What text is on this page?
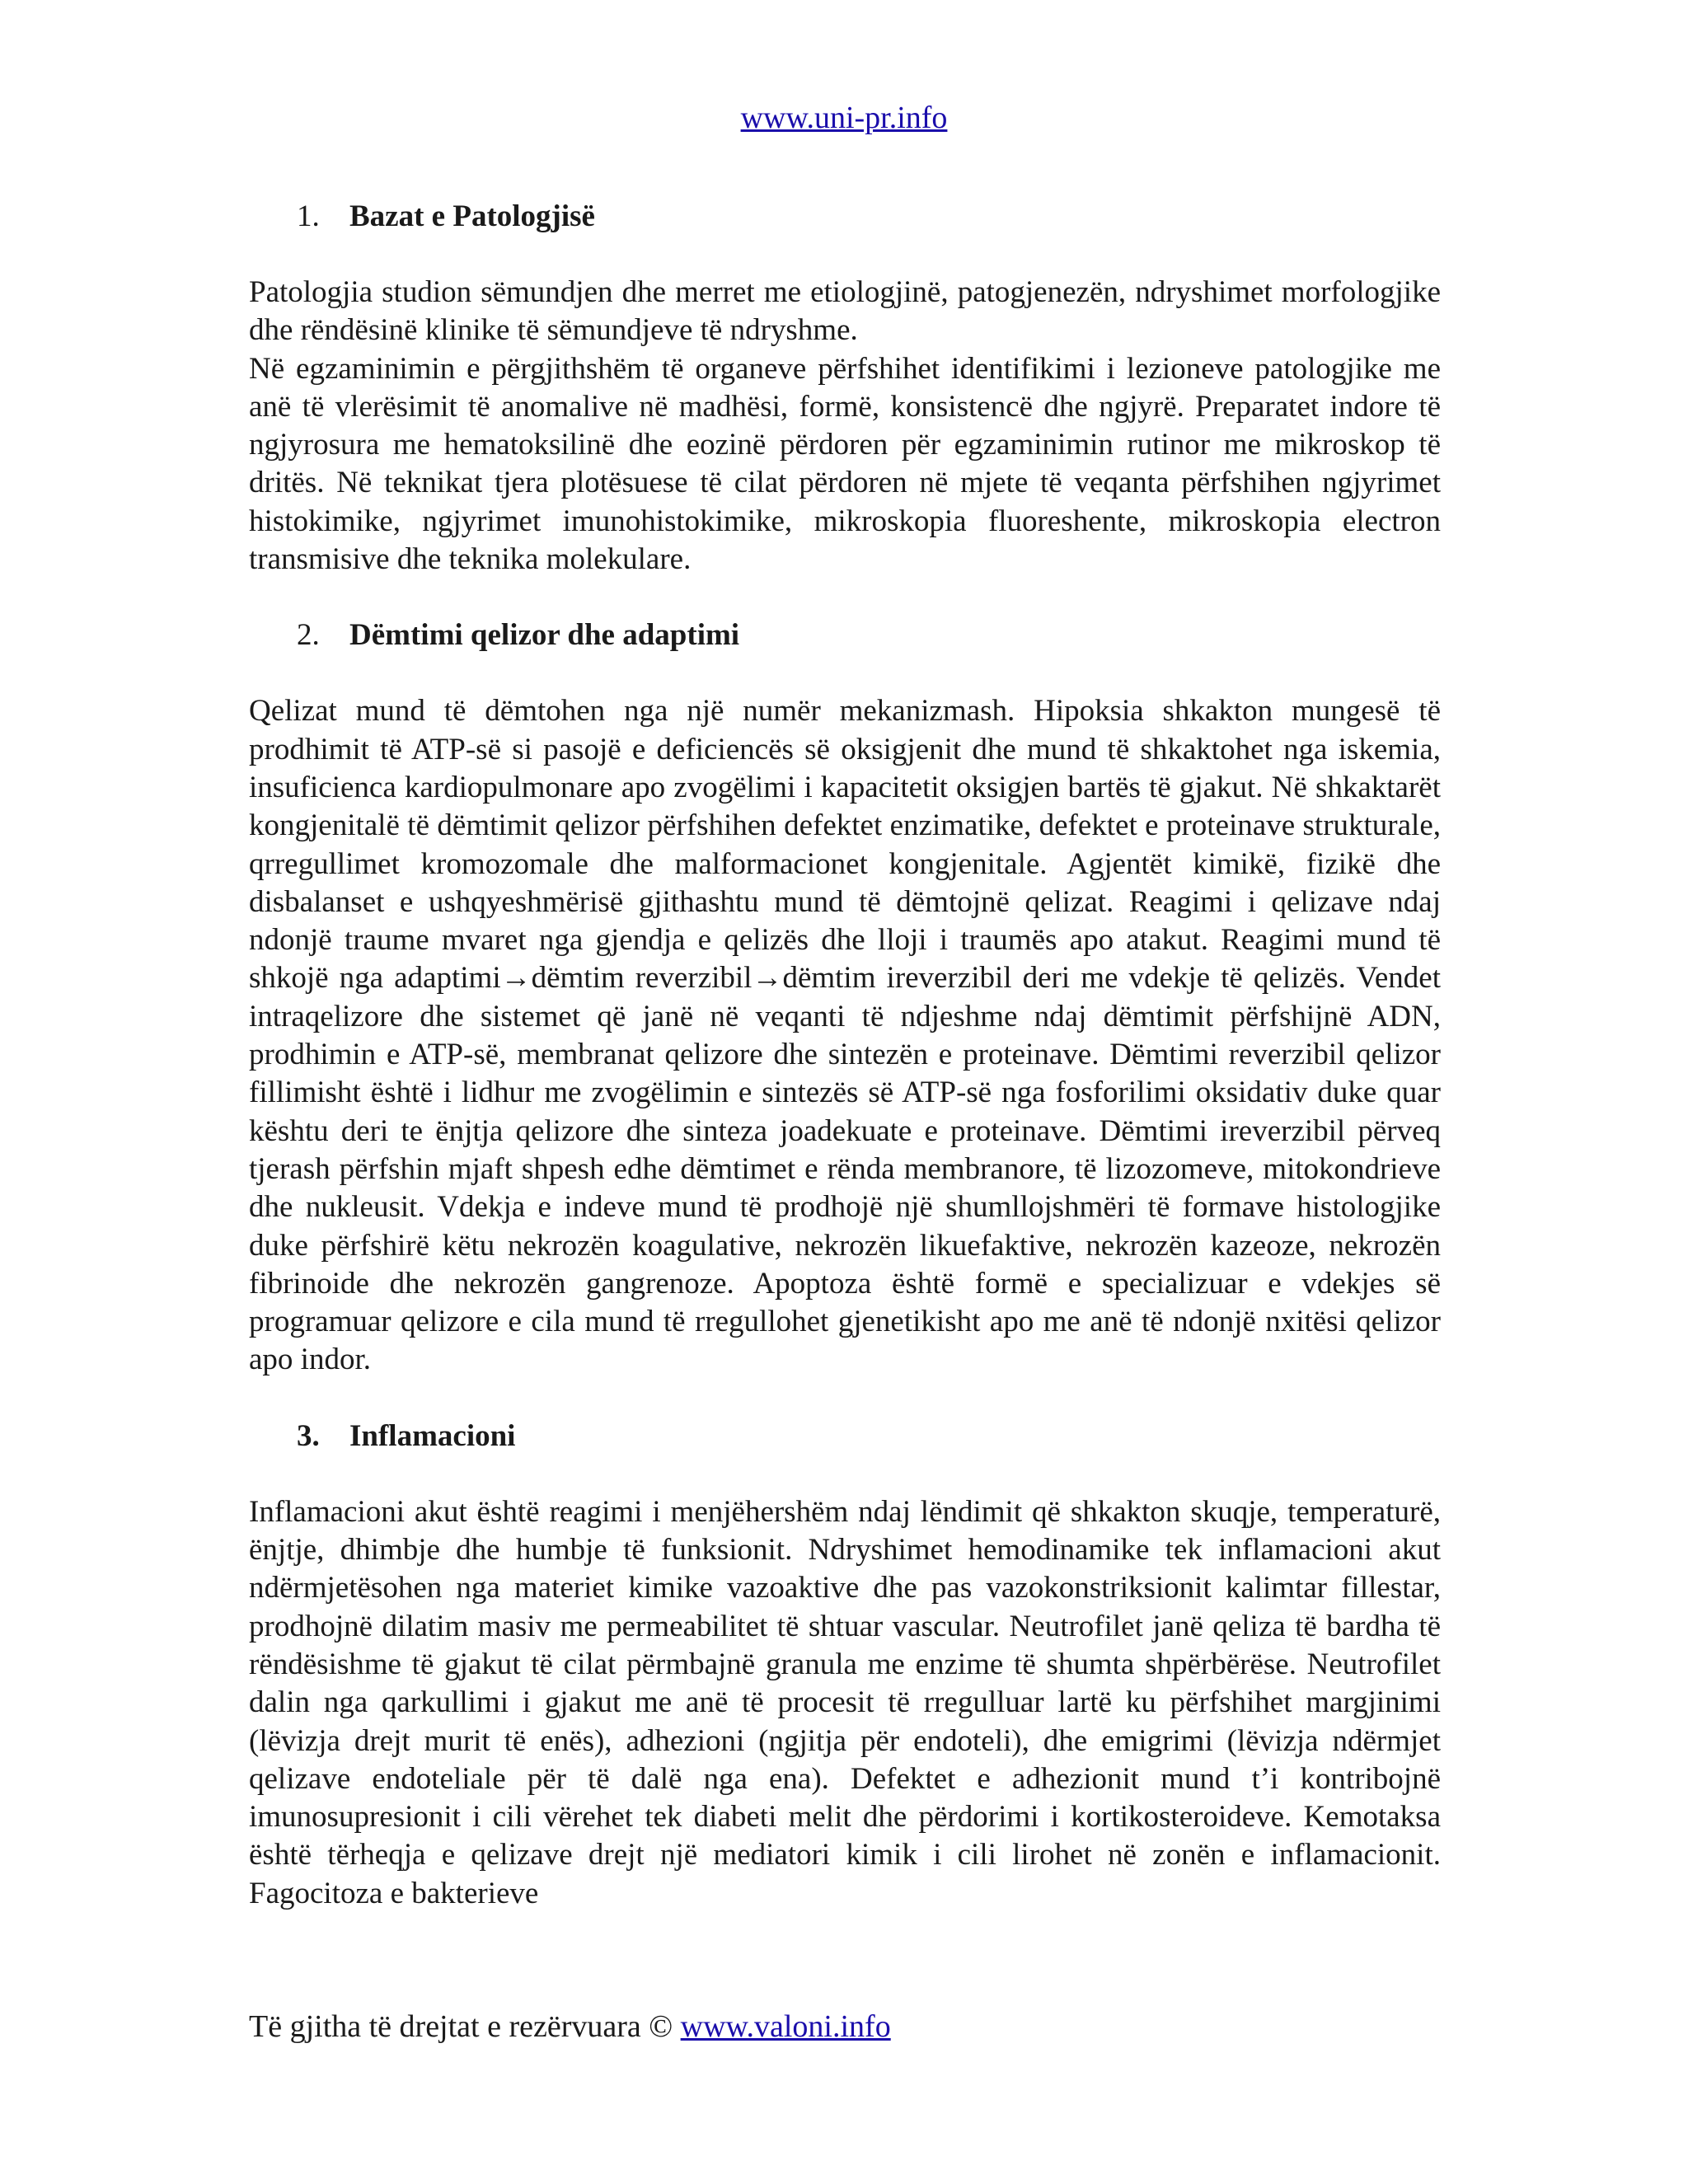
www.uni-pr.info
1. Bazat e Patologjisë

Patologjia studion sëmundjen dhe merret me etiologjinë, patogjenezën, ndryshimet morfologjike dhe rëndësinë klinike të sëmundjeve të ndryshme.

Në egzaminimin e përgjithshëm të organeve përfshihet identifikimi i lezioneve patologjike me anë të vlerësimit të anomalive në madhësi, formë, konsistencë dhe ngjyrë. Preparatet indore të ngjyrosura me hematoksilinë dhe eozinë përdoren për egzaminimin rutinor me mikroskop të dritës. Në teknikat tjera plotësuese të cilat përdoren në mjete të veqanta përfshihen ngjyrimet histokimike, ngjyrimet imunohistokimike, mikroskopia fluoreshente, mikroskopia electron transmisive dhe teknika molekulare.

2. Dëmtimi qelizor dhe adaptimi

Qelizat mund të dëmtohen nga një numër mekanizmash. Hipoksia shkakton mungesë të prodhimit të ATP-së si pasojë e deficiencës së oksigjenit dhe mund të shkaktohet nga iskemia, insuficienca kardiopulmonare apo zvogëlimi i kapacitetit oksigjen bartës të gjakut. Në shkaktarët kongjenitalë të dëmtimit qelizor përfshihen defektet enzimatike, defektet e proteinave strukturale, qrregullimet kromozomale dhe malformacionet kongjenitale. Agjentët kimikë, fizikë dhe disbalanset e ushqyeshmërisë gjithashtu mund të dëmtojnë qelizat. Reagimi i qelizave ndaj ndonjë traume mvaret nga gjendja e qelizës dhe lloji i traumës apo atakut. Reagimi mund të shkojë nga adaptimi→dëmtim reverzibil→dëmtim ireverzibil deri me vdekje të qelizës. Vendet intraqelizore dhe sistemet që janë në veqanti të ndjeshme ndaj dëmtimit përfshijnë ADN, prodhimin e ATP-së, membranat qelizore dhe sintezën e proteinave. Dëmtimi reverzibil qelizor fillimisht është i lidhur me zvogëlimin e sintezës së ATP-së nga fosforilimi oksidativ duke quar kështu deri te ënjtja qelizore dhe sinteza joadekuate e proteinave. Dëmtimi ireverzibil përveq tjerash përfshin mjaft shpesh edhe dëmtimet e rënda membranore, të lizozomeve, mitokondrieve dhe nukleusit. Vdekja e indeve mund të prodhojë një shumllojshmëri të formave histologjike duke përfshirë këtu nekrozën koagulative, nekrozën likuefaktive, nekrozën kazeoze, nekrozën fibrinoide dhe nekrozën gangrenoze. Apoptoza është formë e specializuar e vdekjes së programuar qelizore e cila mund të rregullohet gjenetikisht apo me anë të ndonjë nxitësi qelizor apo indor.

3. Inflamacioni

Inflamacioni akut është reagimi i menjëhershëm ndaj lëndimit që shkakton skuqje, temperaturë, ënjtje, dhimbje dhe humbje të funksionit. Ndryshimet hemodinamike tek inflamacioni akut ndërmjetësohen nga materiet kimike vazoaktive dhe pas vazokonstriksionit kalimtar fillestar, prodhojnë dilatim masiv me permeabilitet të shtuar vascular. Neutrofilet janë qeliza të bardha të rëndësishme të gjakut të cilat përmbajnë granula me enzime të shumta shpërbërëse. Neutrofilet dalin nga qarkullimi i gjakut me anë të procesit të rregulluar lartë ku përfshihet margjinimi (lëvizja drejt murit të enës), adhezioni (ngjitja për endoteli), dhe emigrimi (lëvizja ndërmjet qelizave endoteliale për të dalë nga ena). Defektet e adhezionit mund t’i kontribojnë imunosupresionit i cili vërehet tek diabeti melit dhe përdorimi i kortikosteroideve. Kemotaksa është tërheqja e qelizave drejt një mediatori kimik i cili lirohet në zonën e inflamacionit. Fagocitoza e bakterieve

Të gjitha të drejtat e rezërvuara © www.valoni.info
